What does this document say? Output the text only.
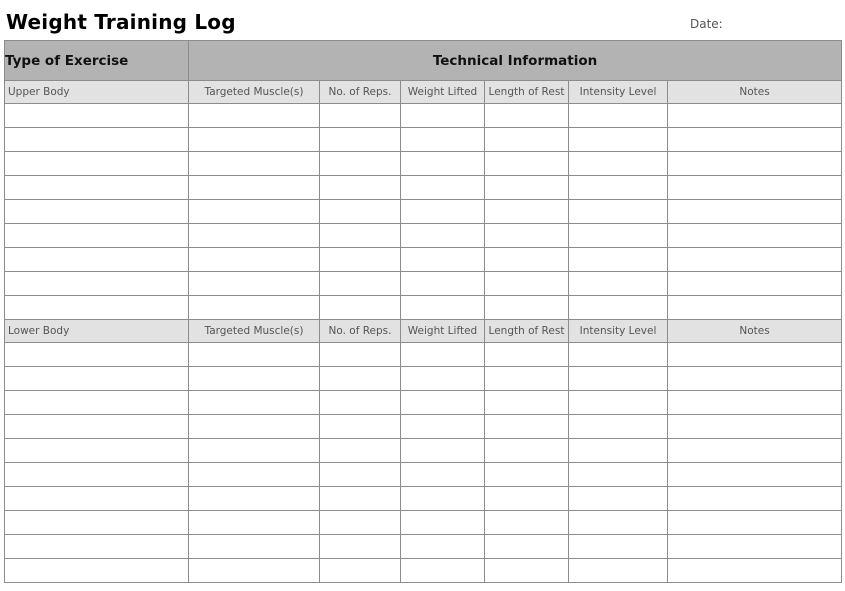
Weight Training Log	Date:
Type of Exercise	Technical Information					
Upper Body	Targeted Muscle(s)	No. of Reps.	Weight Lifted	Length of Rest	Intensity Level	Notes

Lower Body	Targeted Muscle(s)	No. of Reps.	Weight Lifted	Length of Rest	Intensity Level	Notes
